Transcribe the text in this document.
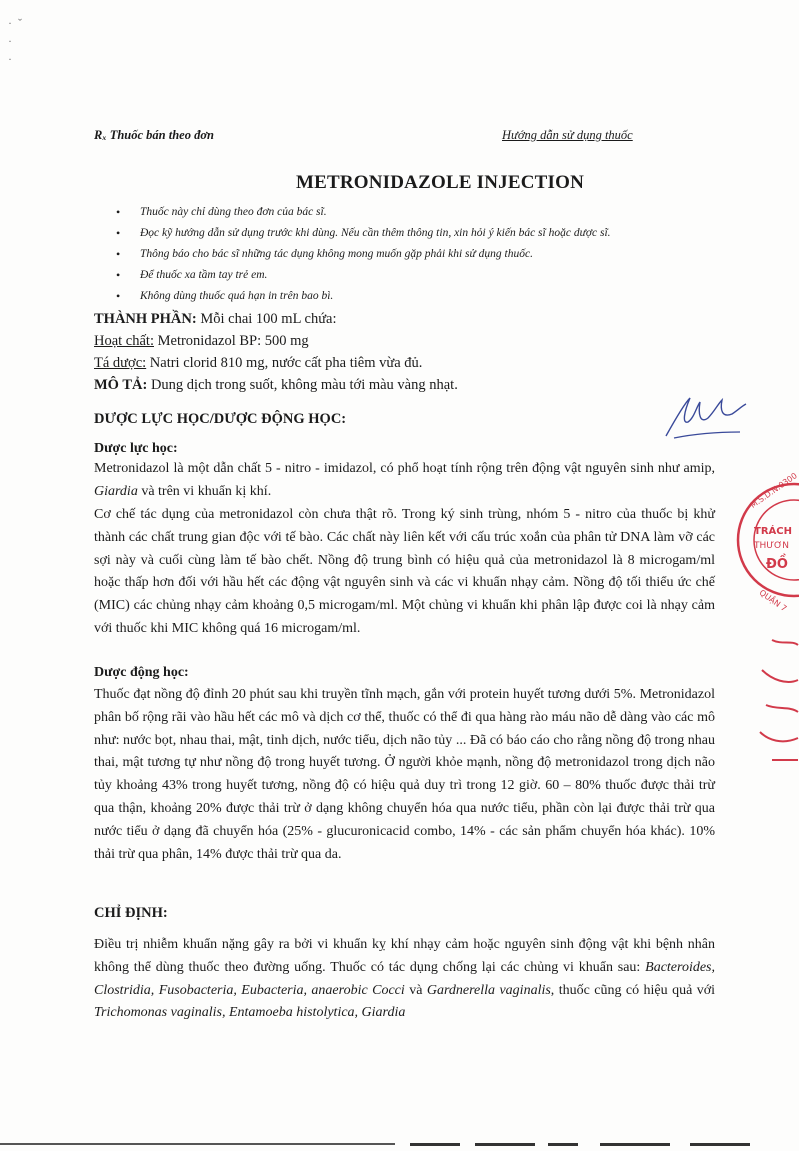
·  ˇ
·
·
Rₓ Thuốc bán theo đơn	Hướng dẫn sử dụng thuốc
METRONIDAZOLE INJECTION
• Thuốc này chỉ dùng theo đơn của bác sĩ.
• Đọc kỹ hướng dẫn sử dụng trước khi dùng. Nếu cần thêm thông tin, xin hỏi ý kiến bác sĩ hoặc dược sĩ.
• Thông báo cho bác sĩ những tác dụng không mong muốn gặp phải khi sử dụng thuốc.
• Để thuốc xa tầm tay trẻ em.
• Không dùng thuốc quá hạn in trên bao bì.
THÀNH PHẦN: Mỗi chai 100 mL chứa:
Hoạt chất: Metronidazol BP: 500 mg
Tá dược: Natri clorid 810 mg, nước cất pha tiêm vừa đủ.
MÔ TẢ: Dung dịch trong suốt, không màu tới màu vàng nhạt.
DƯỢC LỰC HỌC/DƯỢC ĐỘNG HỌC:
Dược lực học:
Metronidazol là một dẫn chất 5 - nitro - imidazol, có phổ hoạt tính rộng trên động vật nguyên sinh như amip, Giardia và trên vi khuẩn kị khí.
Cơ chế tác dụng của metronidazol còn chưa thật rõ. Trong ký sinh trùng, nhóm 5 - nitro của thuốc bị khử thành các chất trung gian độc với tế bào. Các chất này liên kết với cấu trúc xoắn của phân tử DNA làm vỡ các sợi này và cuối cùng làm tế bào chết. Nồng độ trung bình có hiệu quả của metronidazol là 8 microgam/ml hoặc thấp hơn đối với hầu hết các động vật nguyên sinh và các vi khuẩn nhạy cảm. Nồng độ tối thiểu ức chế (MIC) các chủng nhạy cảm khoảng 0,5 microgam/ml. Một chủng vi khuẩn khi phân lập được coi là nhạy cảm với thuốc khi MIC không quá 16 microgam/ml.
Dược động học:
Thuốc đạt nồng độ đỉnh 20 phút sau khi truyền tĩnh mạch, gắn với protein huyết tương dưới 5%. Metronidazol phân bố rộng rãi vào hầu hết các mô và dịch cơ thể, thuốc có thể đi qua hàng rào máu não dễ dàng vào các mô như: nước bọt, nhau thai, mật, tinh dịch, nước tiểu, dịch não tủy ... Đã có báo cáo cho rằng nồng độ trong nhau thai, mật tương tự như nồng độ trong huyết tương. Ở người khỏe mạnh, nồng độ metronidazol trong dịch não tủy khoảng 43% trong huyết tương, nồng độ có hiệu quả duy trì trong 12 giờ. 60 – 80% thuốc được thải trừ qua thận, khoảng 20% được thải trừ ở dạng không chuyển hóa qua nước tiểu, phần còn lại được thải trừ qua nước tiểu ở dạng đã chuyển hóa (25% - glucuronicacid combo, 14% - các sản phẩm chuyển hóa khác). 10% thải trừ qua phân, 14% được thải trừ qua da.
CHỈ ĐỊNH:
Điều trị nhiễm khuẩn nặng gây ra bởi vi khuẩn kỵ khí nhạy cảm hoặc nguyên sinh động vật khi bệnh nhân không thể dùng thuốc theo đường uống. Thuốc có tác dụng chống lại các chủng vi khuẩn sau: Bacteroides, Clostridia, Fusobacteria, Eubacteria, anaerobic Cocci và Gardnerella vaginalis, thuốc cũng có hiệu quả với Trichomonas vaginalis, Entamoeba histolytica, Giardia
TRÁCH
THƯƠN
ĐỒ
M.S.D.N:0300
QUẬN 7
